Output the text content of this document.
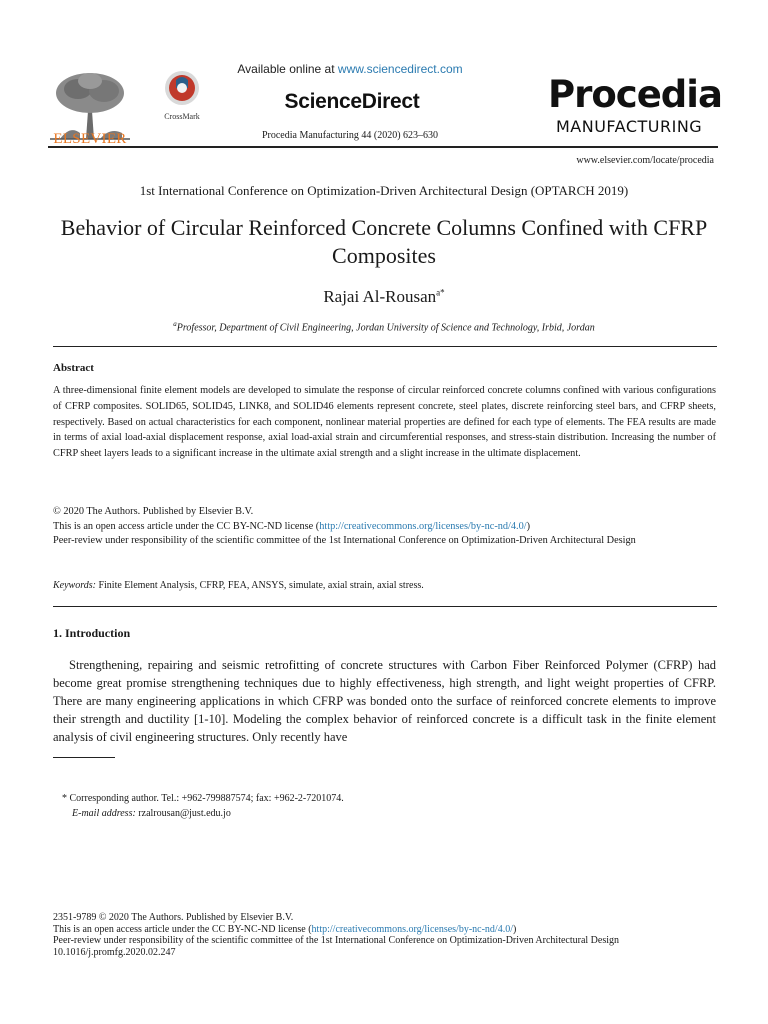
ELSEVIER
CrossMark
Available online at www.sciencedirect.com
ScienceDirect
Procedia Manufacturing 44 (2020) 623–630
Procedia
MANUFACTURING
www.elsevier.com/locate/procedia
1st International Conference on Optimization-Driven Architectural Design (OPTARCH 2019)
Behavior of Circular Reinforced Concrete Columns Confined with CFRP Composites
Rajai Al-Rousan$^{a*}$
$^a$Professor, Department of Civil Engineering, Jordan University of Science and Technology, Irbid, Jordan
Abstract
A three-dimensional finite element models are developed to simulate the response of circular reinforced concrete columns confined with various configurations of CFRP composites. SOLID65, SOLID45, LINK8, and SOLID46 elements represent concrete, steel plates, discrete reinforcing steel bars, and CFRP sheets, respectively. Based on actual characteristics for each component, nonlinear material properties are defined for each type of elements. The FEA results are made in terms of axial load-axial displacement response, axial load-axial strain and circumferential responses, and stress-stain distribution. Increasing the number of CFRP sheet layers leads to a significant increase in the ultimate axial strength and a slight increase in the ultimate displacement.
© 2020 The Authors. Published by Elsevier B.V.
This is an open access article under the CC BY-NC-ND license (http://creativecommons.org/licenses/by-nc-nd/4.0/)
Peer-review under responsibility of the scientific committee of the 1st International Conference on Optimization-Driven Architectural Design
Keywords: Finite Element Analysis, CFRP, FEA, ANSYS, simulate, axial strain, axial stress.
1. Introduction
Strengthening, repairing and seismic retrofitting of concrete structures with Carbon Fiber Reinforced Polymer (CFRP) had become great promise strengthening techniques due to highly effectiveness, high strength, and light weight properties of CFRP. There are many engineering applications in which CFRP was bonded onto the surface of reinforced concrete elements to improve their strength and ductility [1-10]. Modeling the complex behavior of reinforced concrete is a difficult task in the finite element analysis of civil engineering structures. Only recently have
* Corresponding author. Tel.: +962-799887574; fax: +962-2-7201074.
E-mail address: rzalrousan@just.edu.jo
2351-9789 © 2020 The Authors. Published by Elsevier B.V.
This is an open access article under the CC BY-NC-ND license (http://creativecommons.org/licenses/by-nc-nd/4.0/)
Peer-review under responsibility of the scientific committee of the 1st International Conference on Optimization-Driven Architectural Design
10.1016/j.promfg.2020.02.247
